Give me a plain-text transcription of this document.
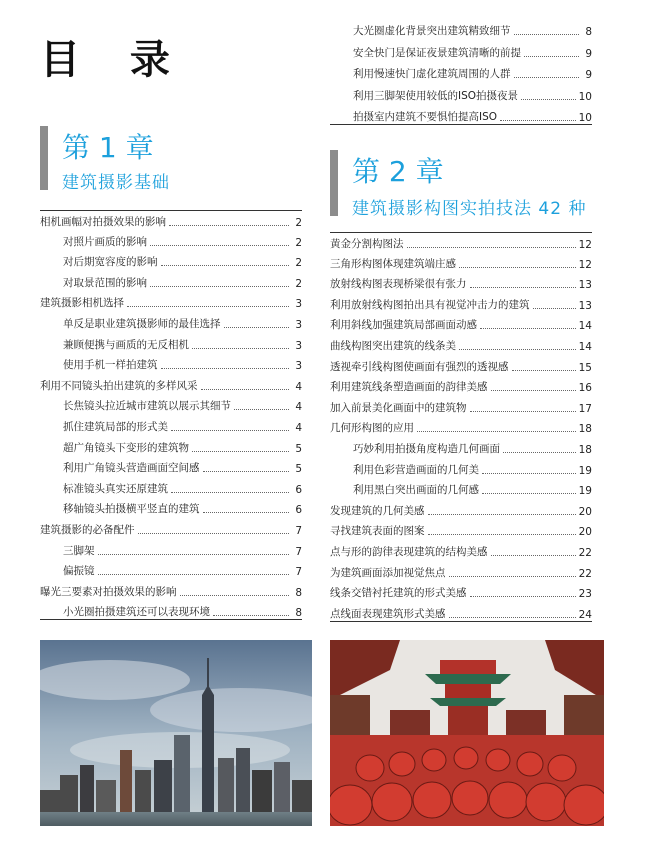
目 录
第 1 章
建筑摄影基础	第 2 章
建筑摄影构图实拍技法 42 种
大光圈虚化背景突出建筑精致细节	8
安全快门是保证夜景建筑清晰的前提	9
利用慢速快门虚化建筑周围的人群	9
利用三脚架使用较低的ISO拍摄夜景	10
拍摄室内建筑不要惧怕提高ISO	10
相机画幅对拍摄效果的影响	2
对照片画质的影响	2
对后期宽容度的影响	2
对取景范围的影响	2
建筑摄影相机选择	3
单反是职业建筑摄影师的最佳选择	3
兼顾便携与画质的无反相机	3
使用手机一样拍建筑	3
利用不同镜头拍出建筑的多样风采	4
长焦镜头拉近城市建筑以展示其细节	4
抓住建筑局部的形式美	4
超广角镜头下变形的建筑物	5
利用广角镜头营造画面空间感	5
标准镜头真实还原建筑	6
移轴镜头拍摄横平竖直的建筑	6
建筑摄影的必备配件	7
三脚架	7
偏振镜	7
曝光三要素对拍摄效果的影响	8
小光圈拍摄建筑还可以表现环境	8
黄金分割构图法	12
三角形构图体现建筑端庄感	12
放射线构图表现桥梁很有张力	13
利用放射线构图拍出具有视觉冲击力的建筑	13
利用斜线加强建筑局部画面动感	14
曲线构图突出建筑的线条美	14
透视牵引线构图使画面有强烈的透视感	15
利用建筑线条塑造画面的韵律美感	16
加入前景美化画面中的建筑物	17
几何形构图的应用	18
巧妙利用拍摄角度构造几何画面	18
利用色彩营造画面的几何美	19
利用黑白突出画面的几何感	19
发现建筑的几何美感	20
寻找建筑表面的图案	20
点与形的韵律表现建筑的结构美感	22
为建筑画面添加视觉焦点	22
线条交错衬托建筑的形式美感	23
点线面表现建筑形式美感	24
